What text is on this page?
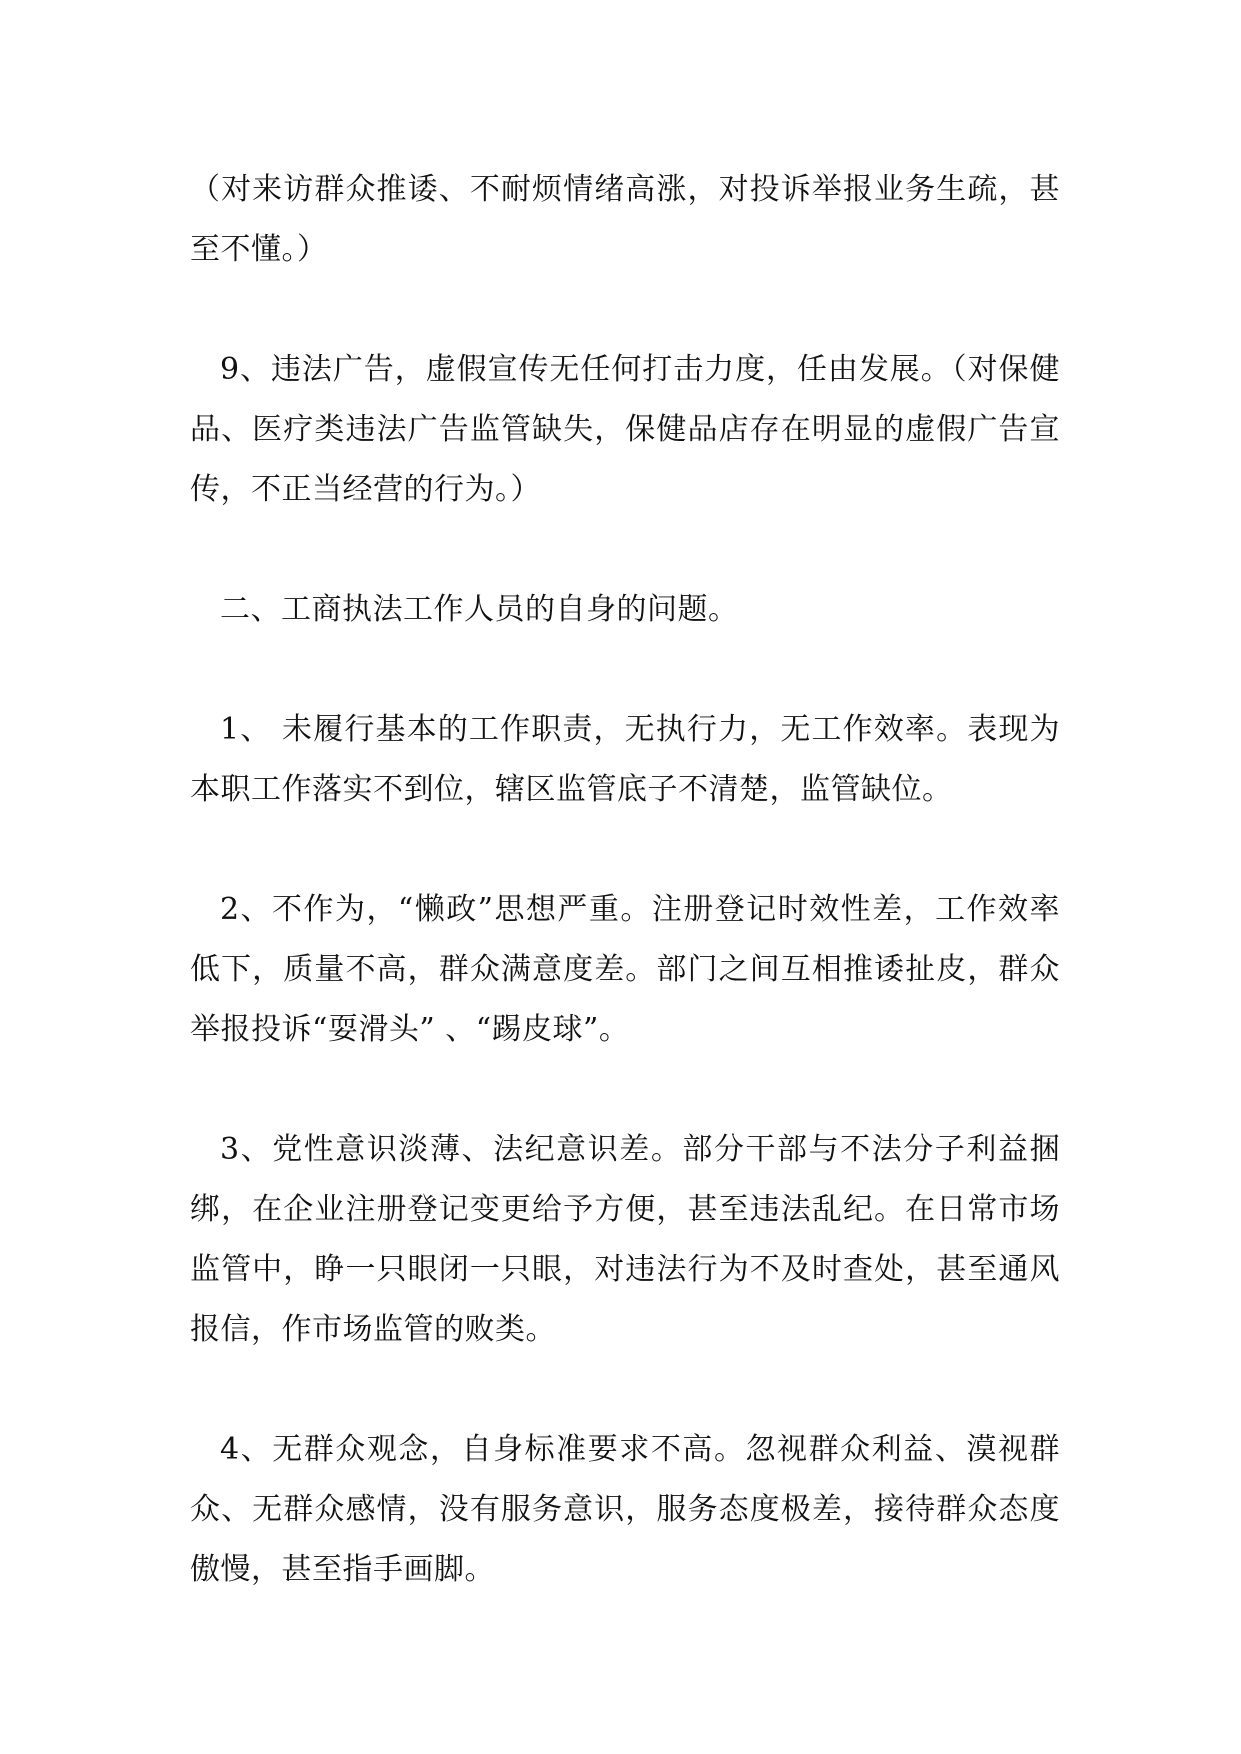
（对来访群众推诿、不耐烦情绪高涨，对投诉举报业务生疏，甚至不懂。）

9、违法广告，虚假宣传无任何打击力度，任由发展。（对保健品、医疗类违法广告监管缺失，保健品店存在明显的虚假广告宣传，不正当经营的行为。）

二、工商执法工作人员的自身的问题。

1、 未履行基本的工作职责，无执行力，无工作效率。表现为本职工作落实不到位，辖区监管底子不清楚，监管缺位。

2、不作为，“懒政”思想严重。注册登记时效性差，工作效率低下，质量不高，群众满意度差。部门之间互相推诿扯皮，群众举报投诉“耍滑头” 、“踢皮球”。

3、党性意识淡薄、法纪意识差。部分干部与不法分子利益捆绑，在企业注册登记变更给予方便，甚至违法乱纪。在日常市场监管中，睁一只眼闭一只眼，对违法行为不及时查处，甚至通风报信，作市场监管的败类。

4、无群众观念，自身标准要求不高。忽视群众利益、漠视群众、无群众感情，没有服务意识，服务态度极差，接待群众态度傲慢，甚至指手画脚。
